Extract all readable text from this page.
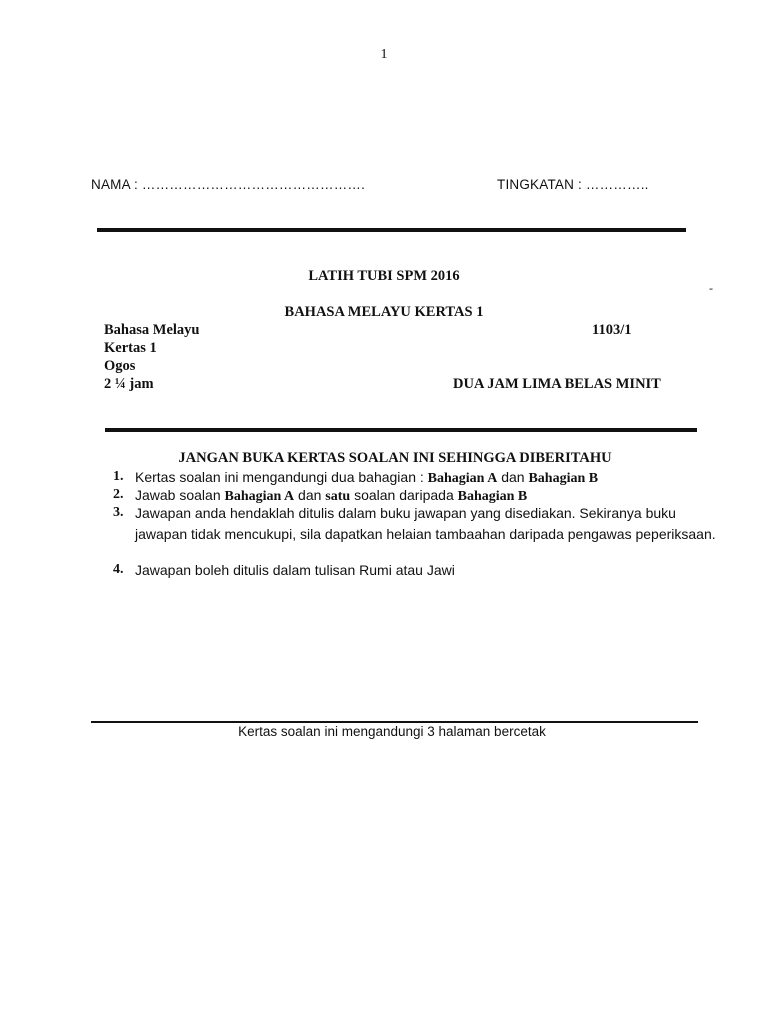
1
NAMA : ………………………………………….	TINGKATAN : …………..
LATIH TUBI SPM 2016
-
BAHASA MELAYU KERTAS 1
Bahasa Melayu	1103/1
Kertas 1
Ogos
2 ¼ jam	DUA JAM LIMA BELAS MINIT
JANGAN BUKA KERTAS SOALAN INI SEHINGGA DIBERITAHU
1. Kertas soalan ini mengandungi dua bahagian : Bahagian A dan Bahagian B
2. Jawab soalan Bahagian A dan satu soalan daripada Bahagian B
3. Jawapan anda hendaklah ditulis dalam buku jawapan yang disediakan. Sekiranya buku
jawapan tidak mencukupi, sila dapatkan helaian tambaahan daripada pengawas peperiksaan.
4. Jawapan boleh ditulis dalam tulisan Rumi atau Jawi
Kertas soalan ini mengandungi 3 halaman bercetak
